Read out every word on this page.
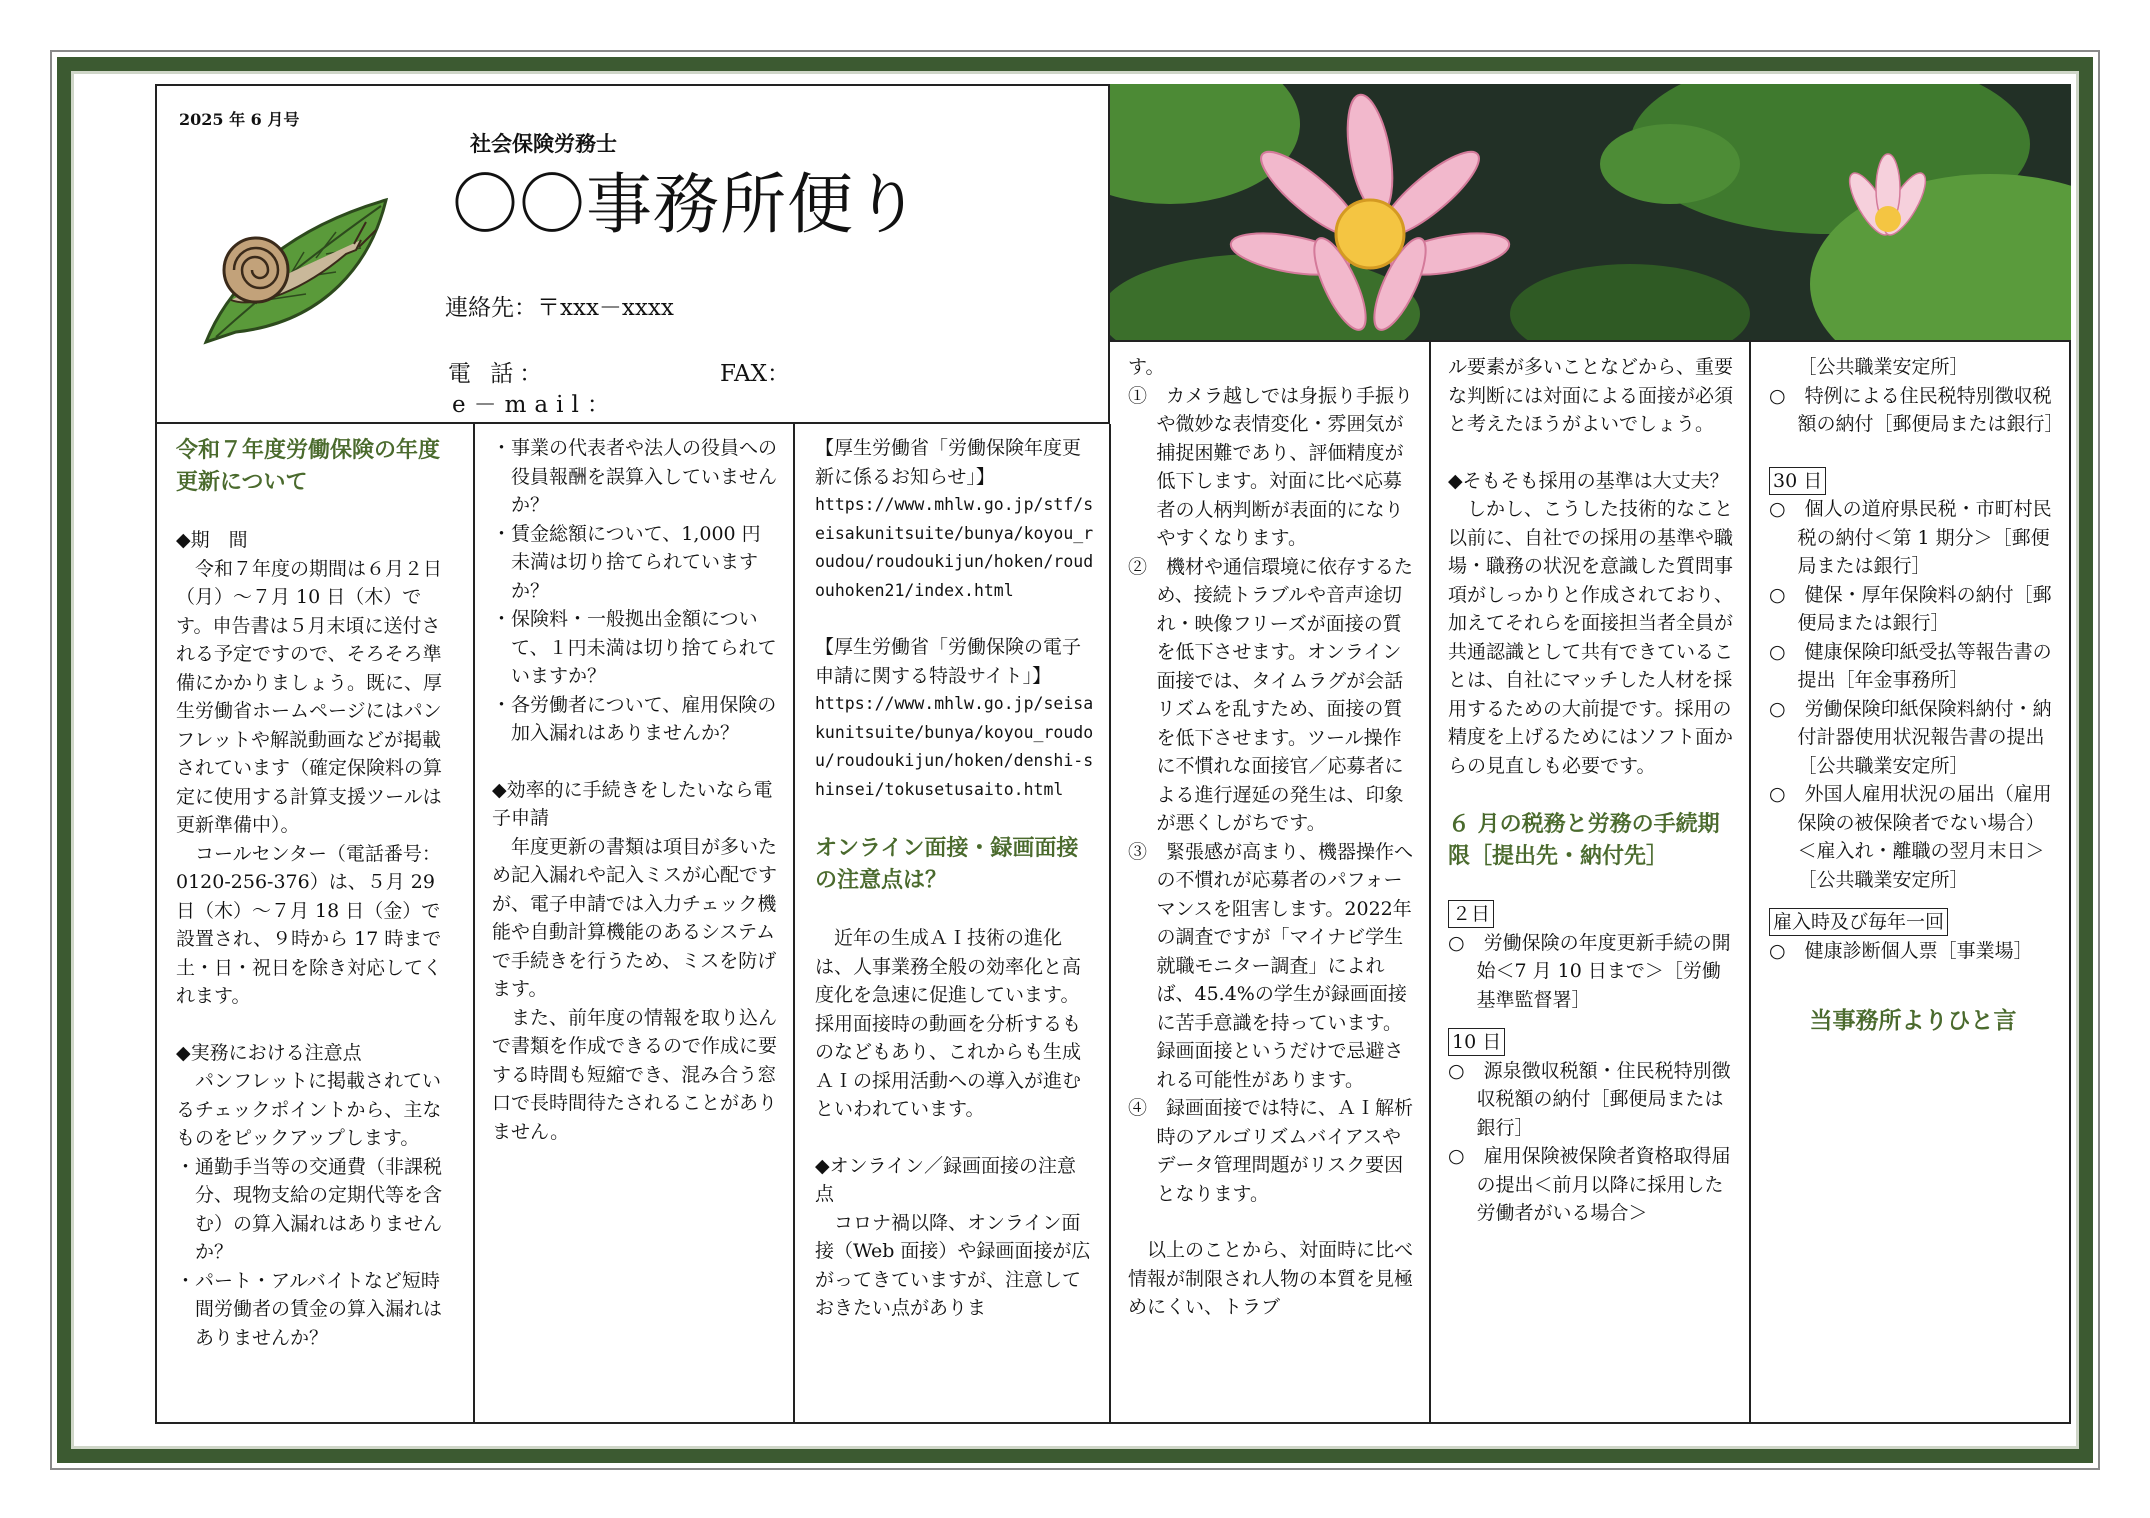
2025 年 6 月号
社会保険労務士
〇〇事務所便り
連絡先：〒xxx－xxxx
電 話：	FAX：
e－mail：

令和７年度労働保険の年度更新について

◆期　間

令和７年度の期間は６月２日（月）～７月 10 日（木）です。申告書は５月末頃に送付される予定ですので、そろそろ準備にかかりましょう。既に、厚生労働省ホームページにはパンフレットや解説動画などが掲載されています（確定保険料の算定に使用する計算支援ツールは更新準備中）。

コールセンター（電話番号：0120-256-376）は、５月 29 日（木）～７月 18 日（金）で設置され、９時から 17 時まで土・日・祝日を除き対応してくれます。

◆実務における注意点

パンフレットに掲載されているチェックポイントから、主なものをピックアップします。

・通勤手当等の交通費（非課税分、現物支給の定期代等を含む）の算入漏れはありませんか？

・パート・アルバイトなど短時間労働者の賃金の算入漏れはありませんか？

・事業の代表者や法人の役員への役員報酬を誤算入していませんか？

・賃金総額について、1,000 円未満は切り捨てられていますか？

・保険料・一般拠出金額について、１円未満は切り捨てられていますか？

・各労働者について、雇用保険の加入漏れはありませんか？

◆効率的に手続きをしたいなら電子申請

年度更新の書類は項目が多いため記入漏れや記入ミスが心配ですが、電子申請では入力チェック機能や自動計算機能のあるシステムで手続きを行うため、ミスを防げます。

また、前年度の情報を取り込んで書類を作成できるので作成に要する時間も短縮でき、混み合う窓口で長時間待たされることがありません。

【厚生労働省「労働保険年度更新に係るお知らせ」】

https://www.mhlw.go.jp/stf/seisakunitsuite/bunya/koyou_roudou/roudoukijun/hoken/roudouhoken21/index.html

【厚生労働省「労働保険の電子申請に関する特設サイト」】

https://www.mhlw.go.jp/seisakunitsuite/bunya/koyou_roudou/roudoukijun/hoken/denshi-shinsei/tokusetusaito.html

オンライン面接・録画面接の注意点は？

近年の生成ＡＩ技術の進化は、人事業務全般の効率化と高度化を急速に促進しています。採用面接時の動画を分析するものなどもあり、これからも生成ＡＩの採用活動への導入が進むといわれています。

◆オンライン／録画面接の注意点

コロナ禍以降、オンライン面接（Web 面接）や録画面接が広がってきていますが、注意しておきたい点がありま

す。

①　カメラ越しでは身振り手振りや微妙な表情変化・雰囲気が捕捉困難であり、評価精度が低下します。対面に比べ応募者の人柄判断が表面的になりやすくなります。

②　機材や通信環境に依存するため、接続トラブルや音声途切れ・映像フリーズが面接の質を低下させます。オンライン面接では、タイムラグが会話リズムを乱すため、面接の質を低下させます。ツール操作に不慣れな面接官／応募者による進行遅延の発生は、印象が悪くしがちです。

③　緊張感が高まり、機器操作への不慣れが応募者のパフォーマンスを阻害します。2022年の調査ですが「マイナビ学生就職モニター調査」によれば、45.4%の学生が録画面接に苦手意識を持っています。録画面接というだけで忌避される可能性があります。

④　録画面接では特に、ＡＩ解析時のアルゴリズムバイアスやデータ管理問題がリスク要因となります。

以上のことから、対面時に比べ情報が制限され人物の本質を見極めにくい、トラブ

ル要素が多いことなどから、重要な判断には対面による面接が必須と考えたほうがよいでしょう。

◆そもそも採用の基準は大丈夫？

しかし、こうした技術的なこと以前に、自社での採用の基準や職場・職務の状況を意識した質問事項がしっかりと作成されており、加えてそれらを面接担当者全員が共通認識として共有できていることは、自社にマッチした人材を採用するための大前提です。採用の精度を上げるためにはソフト面からの見直しも必要です。

６ 月の税務と労務の手続期限［提出先・納付先］

２日

○　労働保険の年度更新手続の開始＜7 月 10 日まで＞［労働基準監督署］

10 日

○　源泉徴収税額・住民税特別徴収税額の納付［郵便局または銀行］

○　雇用保険被保険者資格取得届の提出＜前月以降に採用した労働者がいる場合＞

［公共職業安定所］

○　特例による住民税特別徴収税額の納付［郵便局または銀行］

30 日

○　個人の道府県民税・市町村民税の納付＜第 1 期分＞［郵便局または銀行］

○　健保・厚年保険料の納付［郵便局または銀行］

○　健康保険印紙受払等報告書の提出［年金事務所］

○　労働保険印紙保険料納付・納付計器使用状況報告書の提出［公共職業安定所］

○　外国人雇用状況の届出（雇用保険の被保険者でない場合）＜雇入れ・離職の翌月末日＞［公共職業安定所］

雇入時及び毎年一回

○　健康診断個人票［事業場］

当事務所よりひと言
